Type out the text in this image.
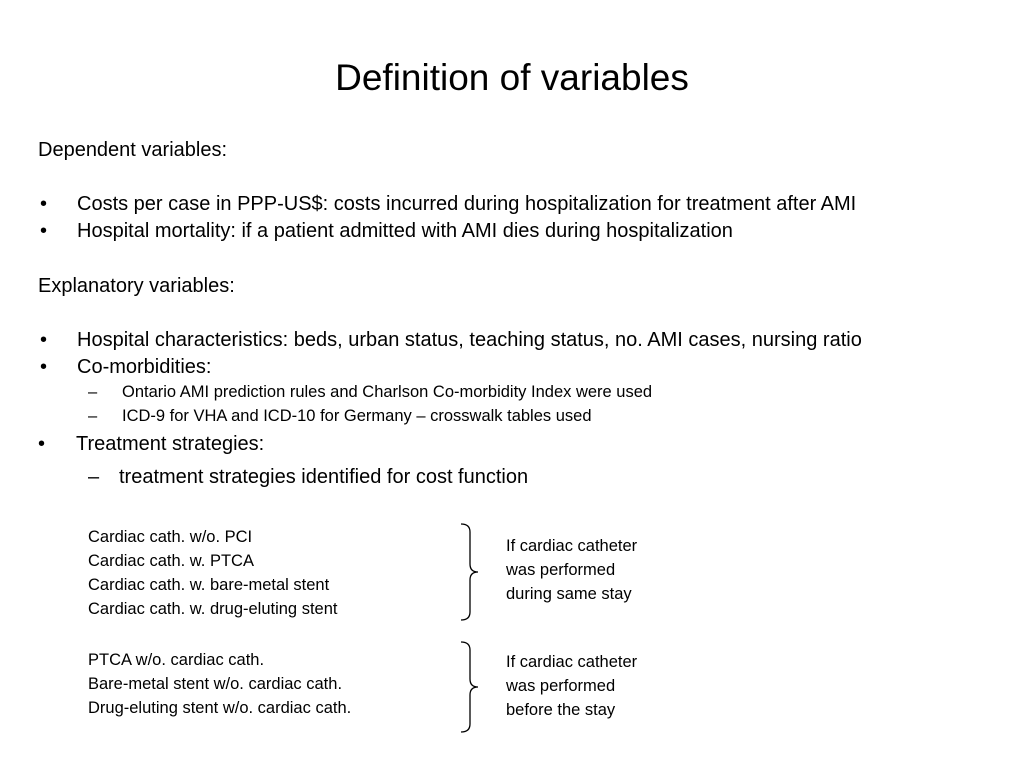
Definition of variables
Dependent variables:
• Costs per case in PPP-US$: costs incurred during hospitalization for treatment after AMI
• Hospital mortality: if a patient admitted with AMI dies during hospitalization
Explanatory variables:
• Hospital characteristics: beds, urban status, teaching status, no. AMI cases, nursing ratio
• Co-morbidities:
– Ontario AMI prediction rules and Charlson Co-morbidity Index were used
– ICD-9 for VHA and ICD-10 for Germany – crosswalk tables used
• Treatment strategies:
– treatment strategies identified for cost function
Cardiac cath. w/o. PCI
Cardiac cath. w. PTCA
Cardiac cath. w. bare-metal stent
Cardiac cath. w. drug-eluting stent
If cardiac catheter
was performed
during same stay
PTCA w/o. cardiac cath.
Bare-metal stent w/o. cardiac cath.
Drug-eluting stent w/o. cardiac cath.
If cardiac catheter
was performed
before the stay
